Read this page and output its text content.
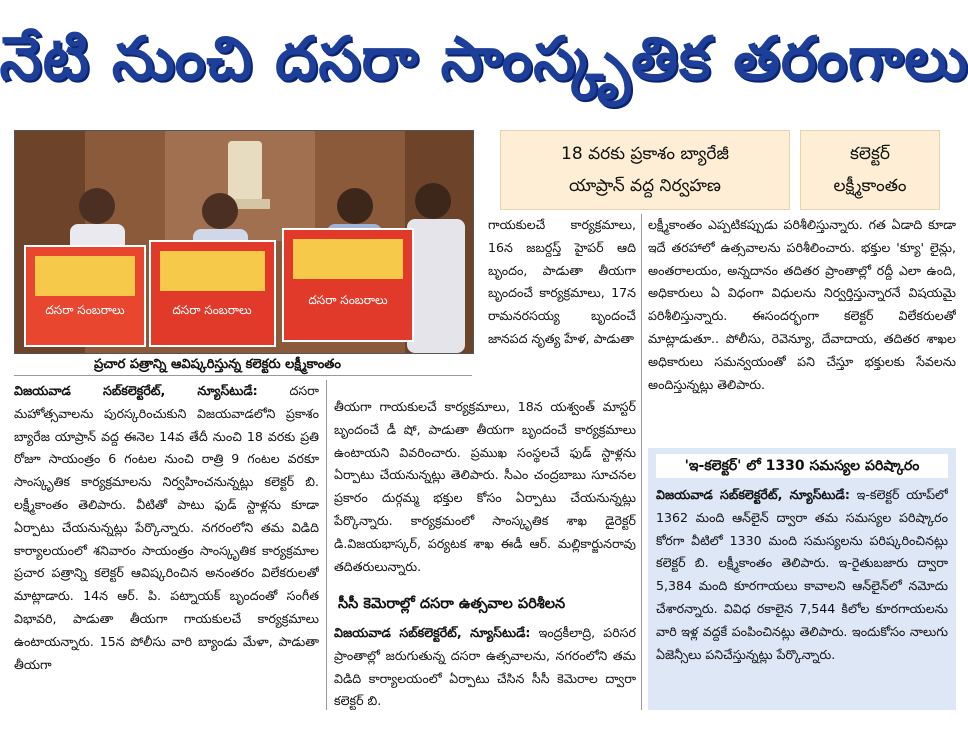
నేటి నుంచి దసరా సాంస్కృతిక తరంగాలు
దసరా సంబరాలు	దసరా సంబరాలు
దసరా సంబరాలు
ప్రచార పత్రాన్ని ఆవిష్కరిస్తున్న కలెక్టరు లక్ష్మీకాంతం
18 వరకు ప్రకాశం బ్యారేజీ
యాప్రాన్ వద్ద నిర్వహణ
కలెక్టర్
లక్ష్మీకాంతం

విజయవాడ సబ్‌కలెక్టరేట్, న్యూస్‌టుడే:	దసరా మహోత్సవాలను పురస్కరించుకుని విజయవాడలోని ప్రకాశం బ్యారేజ యాప్రాన్ వద్ద ఈనెల 14వ తేదీ నుంచి 18 వరకు ప్రతి రోజూ సాయంత్రం 6 గంటల నుంచి రాత్రి 9 గంటల వరకూ సాంస్కృతిక కార్యక్రమాలను నిర్వహించనున్నట్లు కలెక్టర్ బి. లక్ష్మీకాంతం తెలిపారు. వీటితో పాటు ఫుడ్ స్టాళ్లను కూడా ఏర్పాటు చేయనున్నట్లు పేర్కొన్నారు. నగరంలోని తమ విడిది కార్యాలయంలో శనివారం సాయంత్రం సాంస్కృతిక కార్యక్రమాల ప్రచార పత్రాన్ని కలెక్టర్ ఆవిష్కరించిన అనంతరం విలేకరులతో మాట్లాడారు. 14న ఆర్. పి. పట్నాయక్ బృందంతో సంగీత విభావరి, పాడుతా తీయగా గాయకులచే కార్యక్రమాలు ఉంటాయన్నారు. 15న పోలీసు వారి బ్యాండు మేళా, పాడుతా తీయగా

గాయకులచే కార్యక్రమాలు, 16న జబర్దస్త్ హైపర్ ఆది బృందం, పాడుతా తీయగా బృందంచే కార్యక్రమాలు, 17న రామనరసయ్య బృందంచే జానపద నృత్య హేళ, పాడుతా

తీయగా గాయకులచే కార్యక్రమాలు, 18న యశ్వంత్ మాస్టర్ బృందంచే డీ షో, పాడుతా తీయగా బృందంచే కార్యక్రమాలు ఉంటాయని వివరించారు. ప్రముఖ సంస్థలచే ఫుడ్ స్టాళ్లను ఏర్పాటు చేయనున్నట్లు తెలిపారు. సీఎం చంద్రబాబు సూచనల ప్రకారం దుర్గమ్మ భక్తుల కోసం ఏర్పాటు చేయనున్నట్లు పేర్కొన్నారు. కార్యక్రమంలో సాంస్కృతిక శాఖ డైరెక్టర్ డి.విజయభాస్కర్, పర్యటక శాఖ ఈడీ ఆర్. మల్లికార్జునరావు తదితరులున్నారు.

సీసీ కెమెరాల్లో దసరా ఉత్సవాల పరిశీలన

విజయవాడ సబ్‌కలెక్టరేట్, న్యూస్‌టుడే: ఇంద్రకీలాద్రి, పరిసర ప్రాంతాల్లో జరుగుతున్న దసరా ఉత్సవాలను, నగరంలోని తమ విడిది కార్యాలయంలో ఏర్పాటు చేసిన సీసీ కెమెరాల ద్వారా కలెక్టర్ బి.

లక్ష్మీకాంతం ఎప్పటికప్పుడు పరిశీలిస్తున్నారు. గత ఏడాది కూడా ఇదే తరహాలో ఉత్సవాలను పరిశీలించారు. భక్తుల 'క్యూ' లైన్లు, అంతరాలయం, అన్నదానం తదితర ప్రాంతాల్లో రద్దీ ఎలా ఉంది, అధికారులు ఏ విధంగా విధులను నిర్వర్తిస్తున్నారనే విషయమై పరిశీలిస్తున్నారు. ఈసందర్భంగా కలెక్టర్ విలేకరులతో మాట్లాడుతూ.. పోలీసు, రెవెన్యూ, దేవాదాయ, తదితర శాఖల అధికారులు సమన్వయంతో పని చేస్తూ భక్తులకు సేవలను అందిస్తున్నట్లు తెలిపారు.

'ఇ-కలెక్టర్' లో 1330 సమస్యల పరిష్కారం

విజయవాడ సబ్‌కలెక్టరేట్, న్యూస్‌టుడే: ఇ-కలెక్టర్ యాప్‌లో 1362 మంది ఆన్‌లైన్ ద్వారా తమ సమస్యల పరిష్కారం కోరగా వీటిలో 1330 మంది సమస్యలను పరిష్కరించినట్లు కలెక్టర్ బి. లక్ష్మీకాంతం తెలిపారు. ఇ-రైతుబజారు ద్వారా 5,384 మంది కూరగాయలు కావాలని ఆన్‌లైన్‌లో నమోదు చేశారన్నారు. వివిధ రకాలైన 7,544 కిలోల కూరగాయలను వారి ఇళ్ల వద్దకే పంపించినట్లు తెలిపారు. ఇందుకోసం నాలుగు ఏజెన్సీలు పనిచేస్తున్నట్లు పేర్కొన్నారు.
